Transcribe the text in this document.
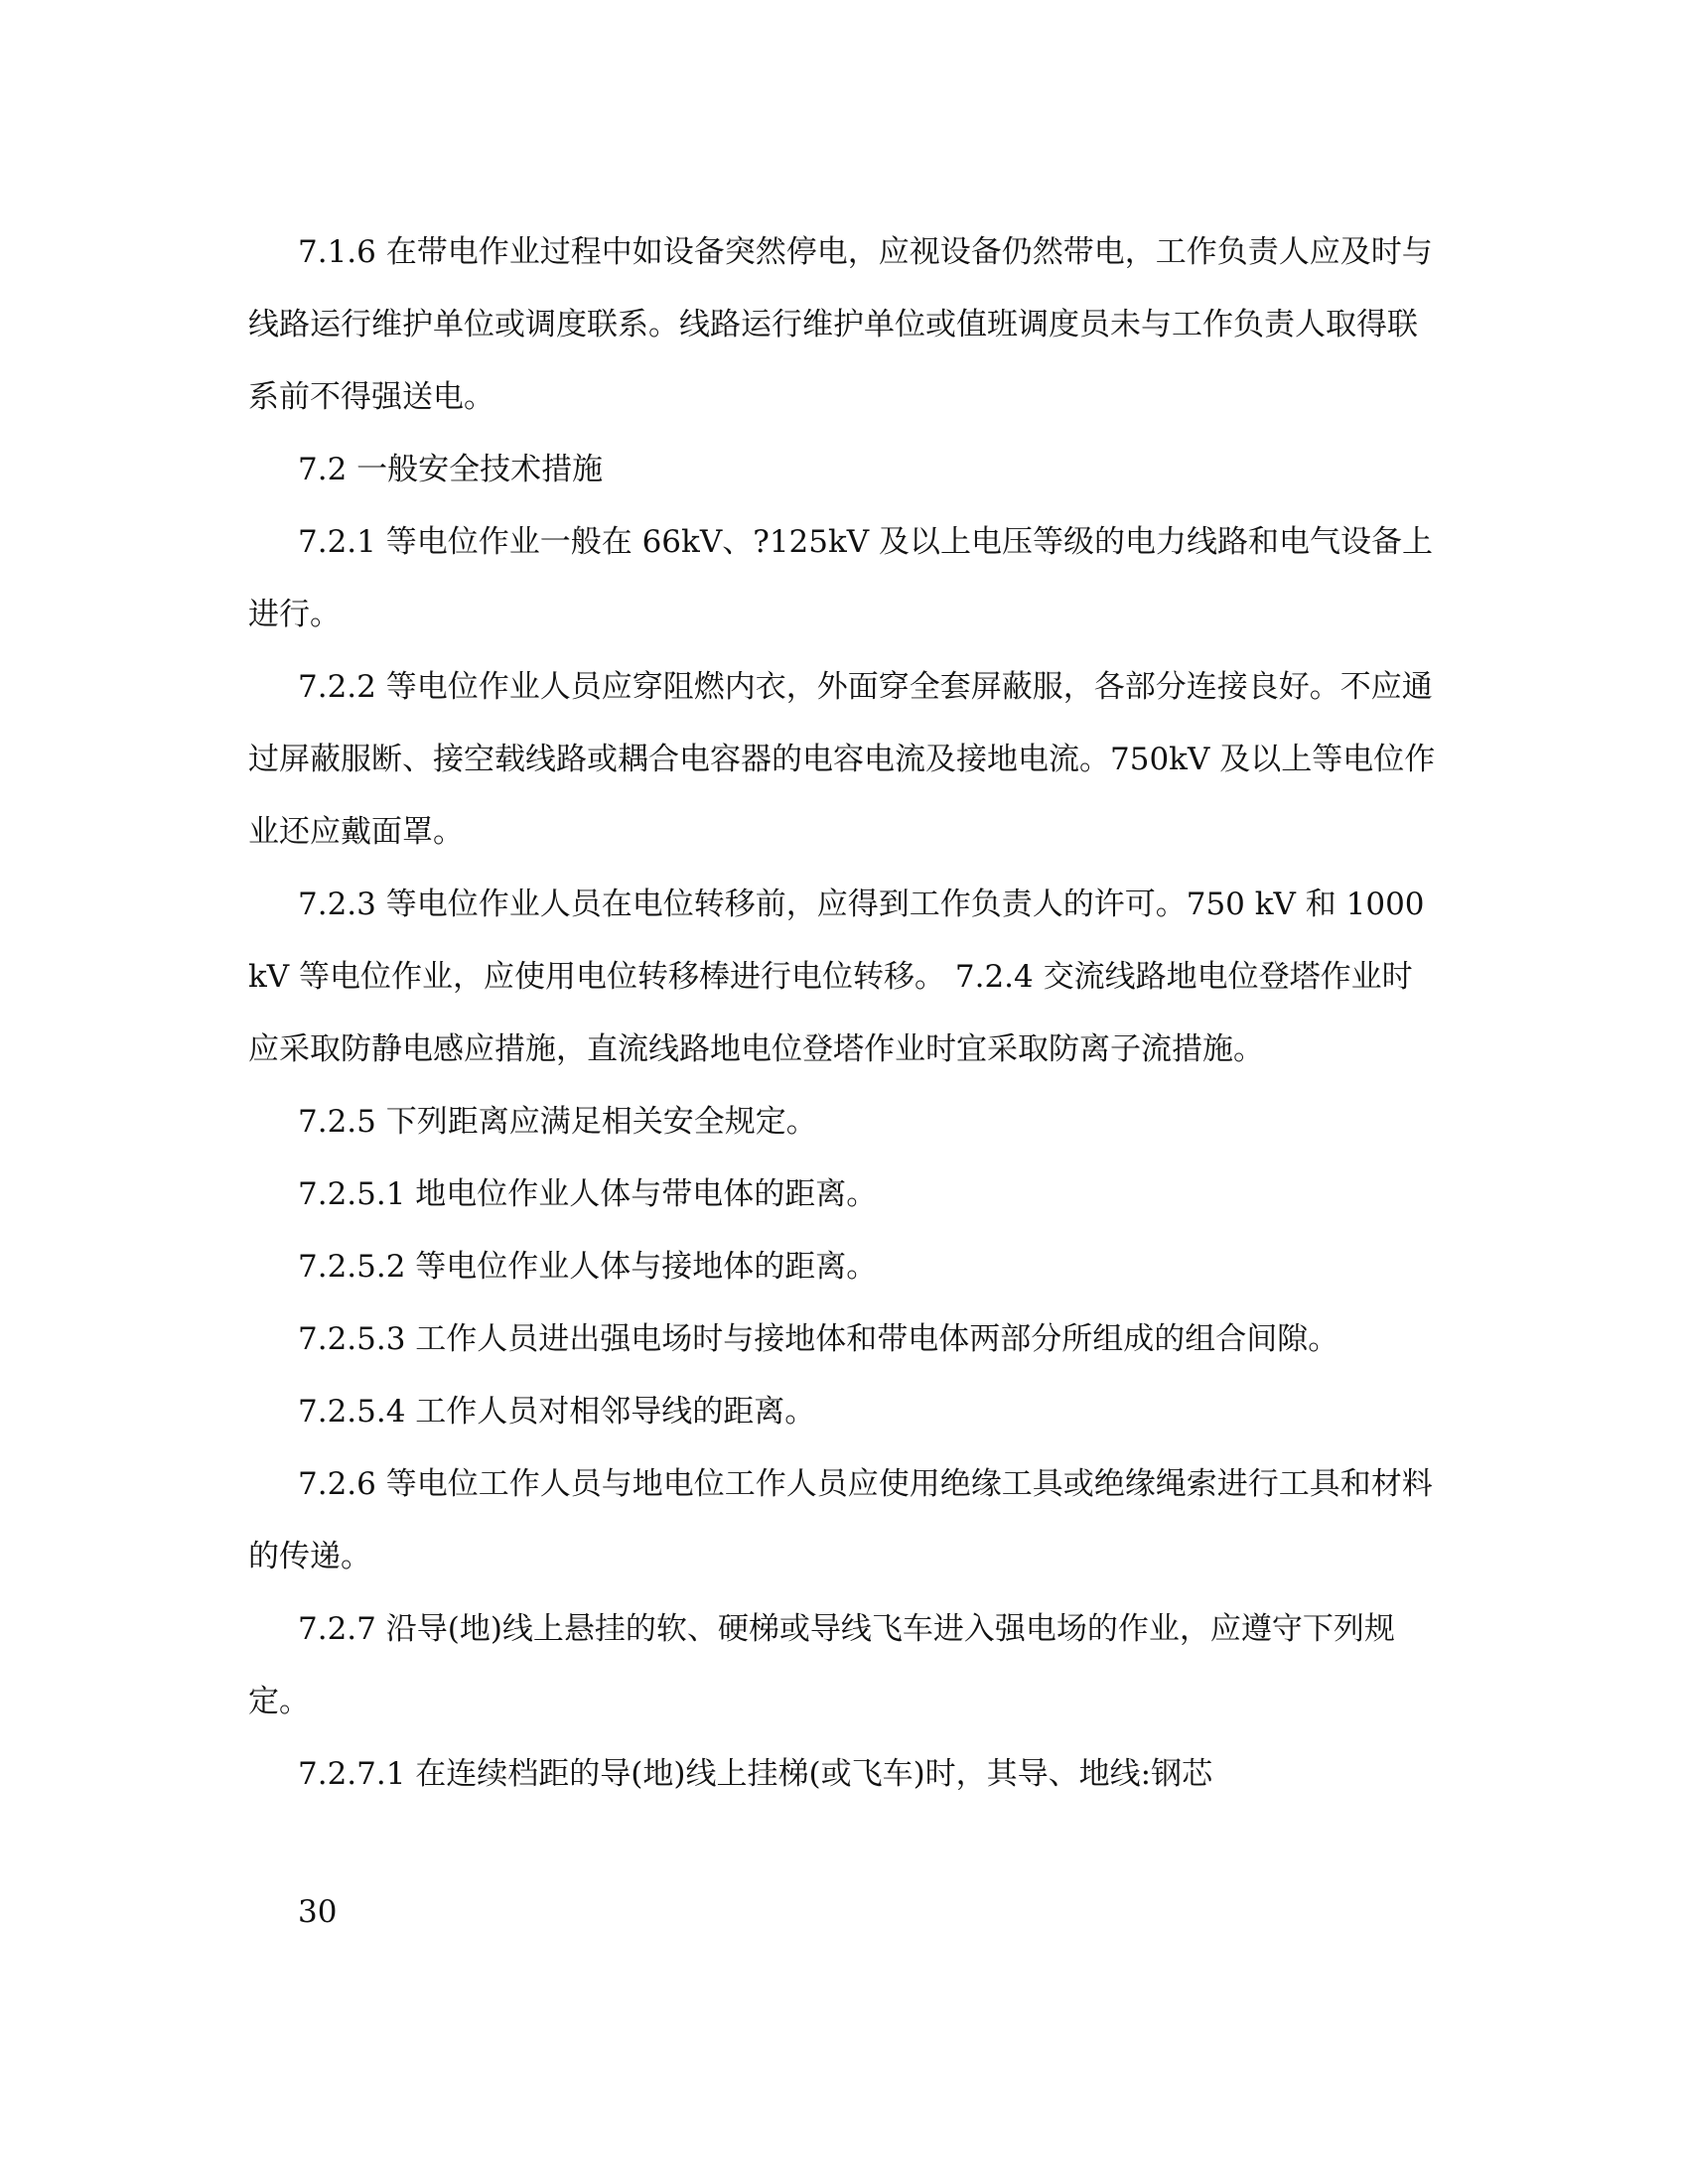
7.1.6 在带电作业过程中如设备突然停电，应视设备仍然带电，工作负责人应及时与线路运行维护单位或调度联系。线路运行维护单位或值班调度员未与工作负责人取得联系前不得强送电。

7.2 一般安全技术措施

7.2.1 等电位作业一般在 66kV、?125kV 及以上电压等级的电力线路和电气设备上进行。

7.2.2 等电位作业人员应穿阻燃内衣，外面穿全套屏蔽服，各部分连接良好。不应通过屏蔽服断、接空载线路或耦合电容器的电容电流及接地电流。750kV 及以上等电位作业还应戴面罩。

7.2.3 等电位作业人员在电位转移前，应得到工作负责人的许可。750 kV 和 1000 kV 等电位作业，应使用电位转移棒进行电位转移。 7.2.4 交流线路地电位登塔作业时应采取防静电感应措施，直流线路地电位登塔作业时宜采取防离子流措施。

7.2.5 下列距离应满足相关安全规定。

7.2.5.1 地电位作业人体与带电体的距离。

7.2.5.2 等电位作业人体与接地体的距离。

7.2.5.3 工作人员进出强电场时与接地体和带电体两部分所组成的组合间隙。

7.2.5.4 工作人员对相邻导线的距离。

7.2.6 等电位工作人员与地电位工作人员应使用绝缘工具或绝缘绳索进行工具和材料的传递。

7.2.7 沿导(地)线上悬挂的软、硬梯或导线飞车进入强电场的作业，应遵守下列规定。

7.2.7.1 在连续档距的导(地)线上挂梯(或飞车)时，其导、地线:钢芯

30
